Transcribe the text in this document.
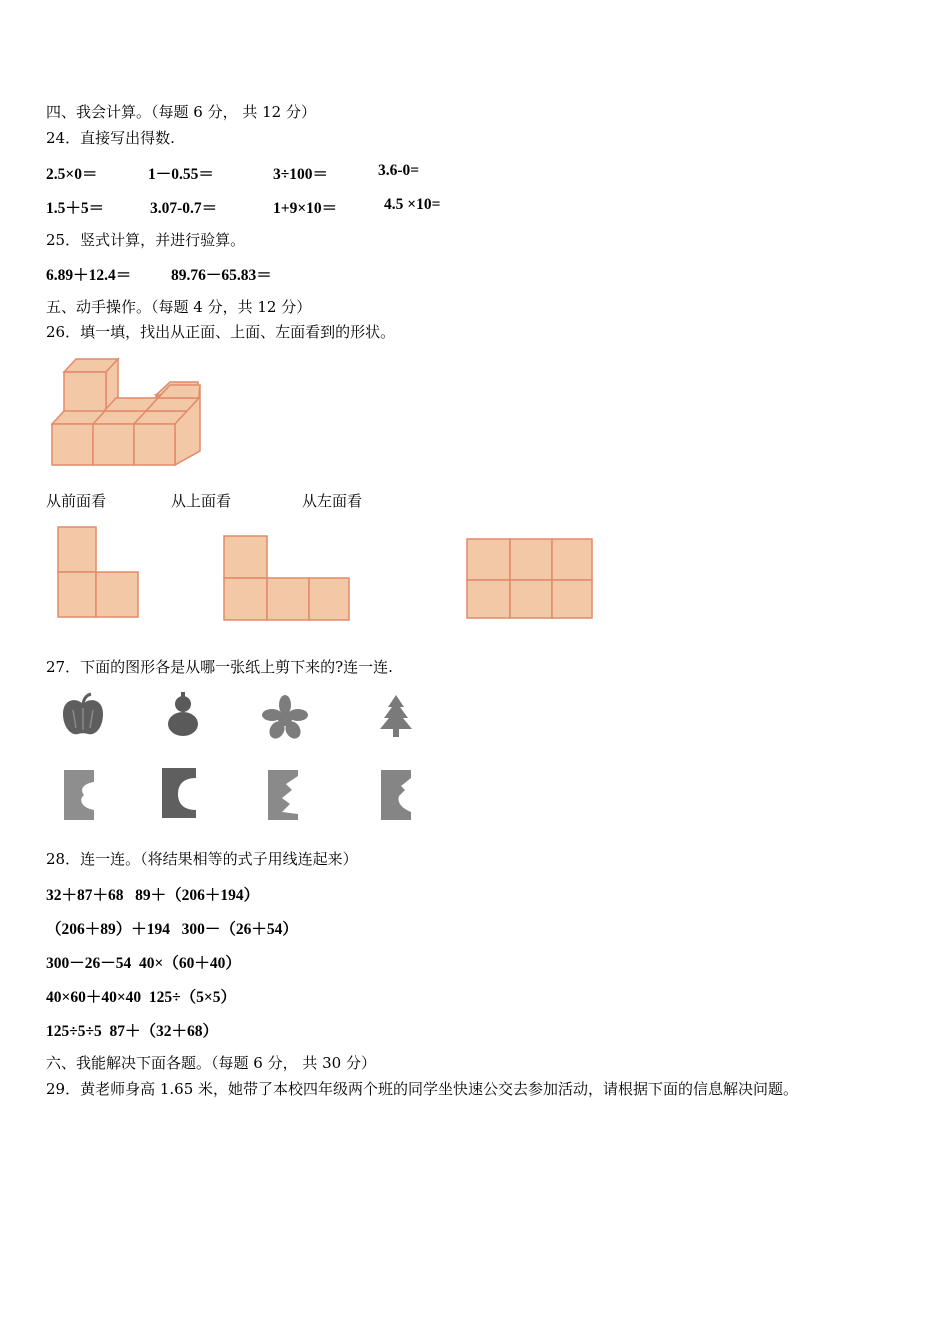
四、我会计算。（每题 6 分， 共 12 分）
24．直接写出得数.
2.5×0＝	1－0.55＝	3÷100＝	3.6-0=
1.5＋5＝	3.07-0.7＝	1+9×10＝	4.5 ×10=
25．竖式计算，并进行验算。
6.89＋12.4＝	89.76－65.83＝
五、动手操作。（每题 4 分，共 12 分）
26．填一填，找出从正面、上面、左面看到的形状。
从前面看	从上面看	从左面看
27．下面的图形各是从哪一张纸上剪下来的?连一连.
28．连一连。（将结果相等的式子用线连起来）
32＋87＋68 89＋（206＋194）
（206＋89）＋194 300－（26＋54）
300－26－54 40×（60＋40）
40×60＋40×40 125÷（5×5）
125÷5÷5 87＋（32＋68）
六、我能解决下面各题。（每题 6 分， 共 30 分）
29．黄老师身高 1.65 米，她带了本校四年级两个班的同学坐快速公交去参加活动，请根据下面的信息解决问题。
